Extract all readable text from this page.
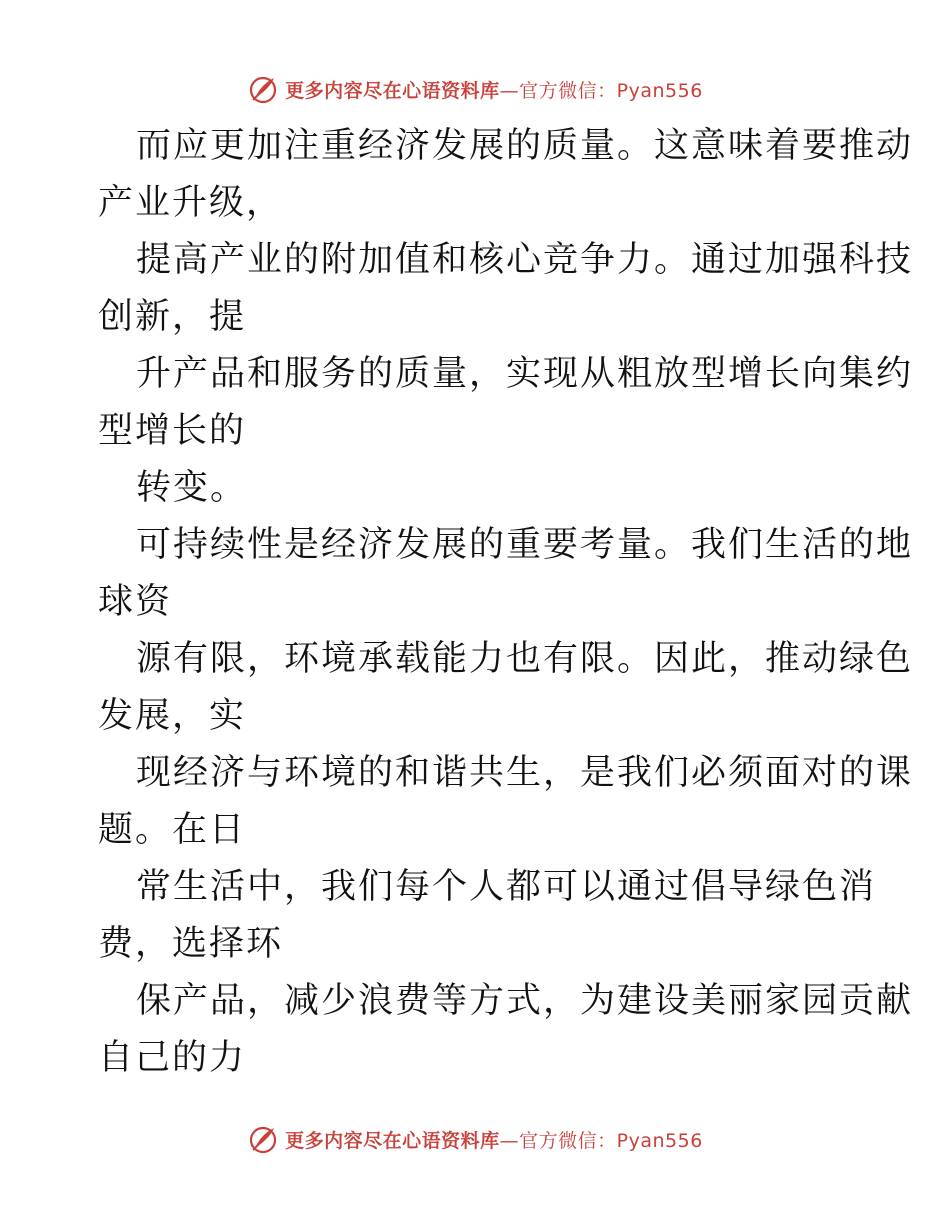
更多内容尽在心语资料库—官方微信：Pyan556
而应更加注重经济发展的质量。这意味着要推动
产业升级，
提高产业的附加值和核心竞争力。通过加强科技
创新，提
升产品和服务的质量，实现从粗放型增长向集约
型增长的
转变。
可持续性是经济发展的重要考量。我们生活的地
球资
源有限，环境承载能力也有限。因此，推动绿色
发展，实
现经济与环境的和谐共生，是我们必须面对的课
题。在日
常生活中，我们每个人都可以通过倡导绿色消
费，选择环
保产品，减少浪费等方式，为建设美丽家园贡献
自己的力
更多内容尽在心语资料库—官方微信：Pyan556
